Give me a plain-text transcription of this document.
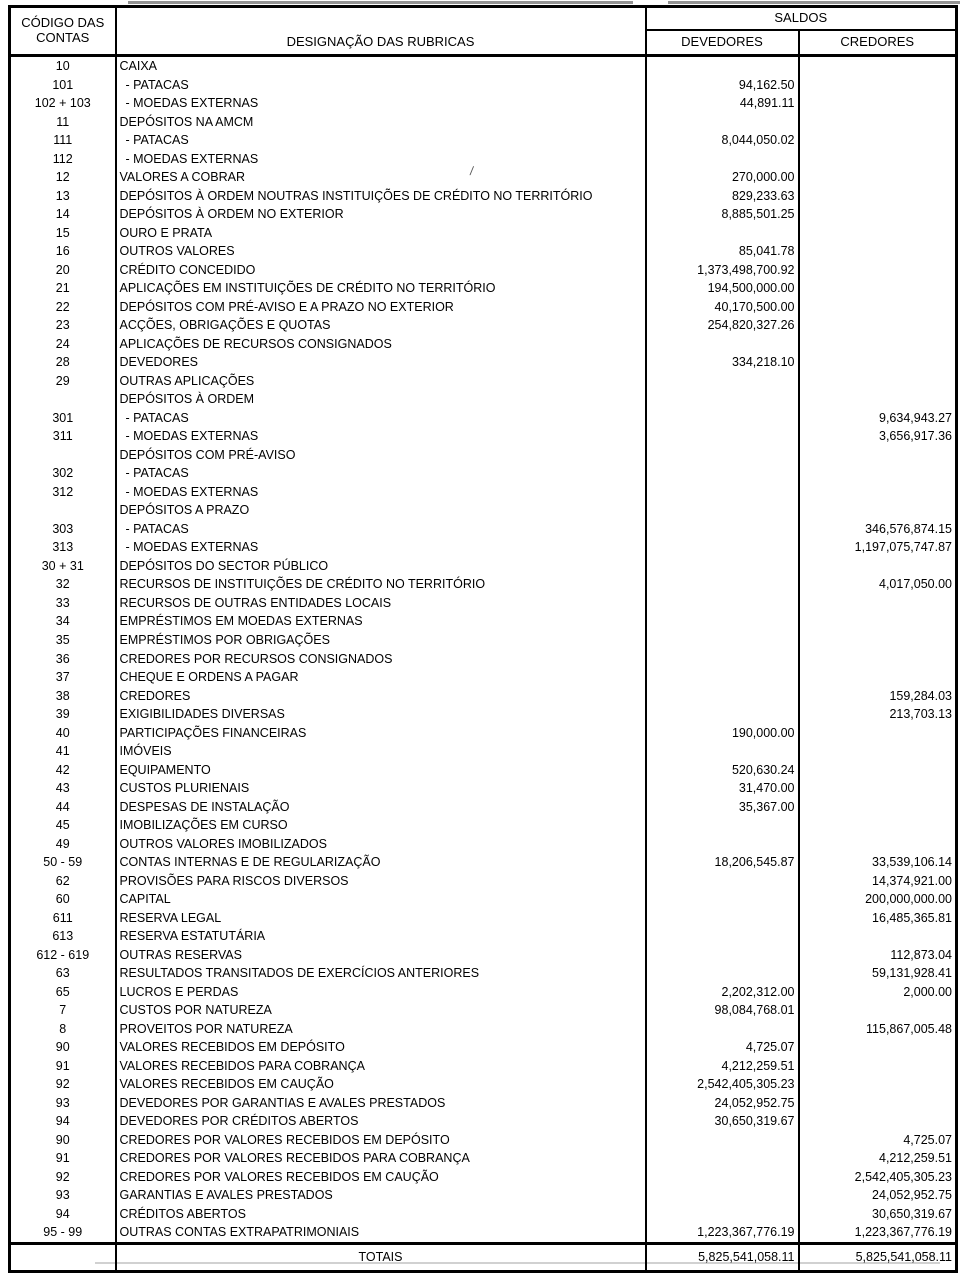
/
CÓDIGO DAS
CONTAS	DESIGNAÇÃO DAS RUBRICAS	SALDOS	
		DEVEDORES	CREDORES
10	CAIXA		
101	- PATACAS	94,162.50	
102 + 103	- MOEDAS EXTERNAS	44,891.11	
11	DEPÓSITOS NA AMCM		
111	- PATACAS	8,044,050.02	
112	- MOEDAS EXTERNAS		
12	VALORES A COBRAR	270,000.00	
13	DEPÓSITOS À ORDEM NOUTRAS INSTITUIÇÕES DE CRÉDITO NO TERRITÓRIO	829,233.63	
14	DEPÓSITOS À ORDEM NO EXTERIOR	8,885,501.25	
15	OURO E PRATA		
16	OUTROS VALORES	85,041.78	
20	CRÉDITO CONCEDIDO	1,373,498,700.92	
21	APLICAÇÕES EM INSTITUIÇÕES DE CRÉDITO NO TERRITÓRIO	194,500,000.00	
22	DEPÓSITOS COM PRÉ-AVISO E A PRAZO NO EXTERIOR	40,170,500.00	
23	ACÇÕES, OBRIGAÇÕES E QUOTAS	254,820,327.26	
24	APLICAÇÕES DE RECURSOS CONSIGNADOS		
28	DEVEDORES	334,218.10	
29	OUTRAS APLICAÇÕES		
	DEPÓSITOS À ORDEM		
301	- PATACAS		9,634,943.27
311	- MOEDAS EXTERNAS		3,656,917.36
	DEPÓSITOS COM PRÉ-AVISO		
302	- PATACAS		
312	- MOEDAS EXTERNAS		
	DEPÓSITOS A PRAZO		
303	- PATACAS		346,576,874.15
313	- MOEDAS EXTERNAS		1,197,075,747.87
30 + 31	DEPÓSITOS DO SECTOR PÚBLICO		
32	RECURSOS DE INSTITUIÇÕES DE CRÉDITO NO TERRITÓRIO		4,017,050.00
33	RECURSOS DE OUTRAS ENTIDADES LOCAIS		
34	EMPRÉSTIMOS EM MOEDAS EXTERNAS		
35	EMPRÉSTIMOS POR OBRIGAÇÕES		
36	CREDORES POR RECURSOS CONSIGNADOS		
37	CHEQUE E ORDENS A PAGAR		
38	CREDORES		159,284.03
39	EXIGIBILIDADES DIVERSAS		213,703.13
40	PARTICIPAÇÕES FINANCEIRAS	190,000.00	
41	IMÓVEIS		
42	EQUIPAMENTO	520,630.24	
43	CUSTOS PLURIENAIS	31,470.00	
44	DESPESAS DE INSTALAÇÃO	35,367.00	
45	IMOBILIZAÇÕES EM CURSO		
49	OUTROS VALORES IMOBILIZADOS		
50 - 59	CONTAS INTERNAS E DE REGULARIZAÇÃO	18,206,545.87	33,539,106.14
62	PROVISÕES PARA RISCOS DIVERSOS		14,374,921.00
60	CAPITAL		200,000,000.00
611	RESERVA LEGAL		16,485,365.81
613	RESERVA ESTATUTÁRIA		
612 - 619	OUTRAS RESERVAS		112,873.04
63	RESULTADOS TRANSITADOS DE EXERCÍCIOS ANTERIORES		59,131,928.41
65	LUCROS E PERDAS	2,202,312.00	2,000.00
7	CUSTOS POR NATUREZA	98,084,768.01	
8	PROVEITOS POR NATUREZA		115,867,005.48
90	VALORES RECEBIDOS EM DEPÓSITO	4,725.07	
91	VALORES RECEBIDOS PARA COBRANÇA	4,212,259.51	
92	VALORES RECEBIDOS EM CAUÇÃO	2,542,405,305.23	
93	DEVEDORES POR GARANTIAS E AVALES PRESTADOS	24,052,952.75	
94	DEVEDORES POR CRÉDITOS ABERTOS	30,650,319.67	
90	CREDORES POR VALORES RECEBIDOS EM DEPÓSITO		4,725.07
91	CREDORES POR VALORES RECEBIDOS PARA COBRANÇA		4,212,259.51
92	CREDORES POR VALORES RECEBIDOS EM CAUÇÃO		2,542,405,305.23
93	GARANTIAS E AVALES PRESTADOS		24,052,952.75
94	CRÉDITOS ABERTOS		30,650,319.67
95 - 99	OUTRAS CONTAS EXTRAPATRIMONIAIS	1,223,367,776.19	1,223,367,776.19
	TOTAIS	5,825,541,058.11	5,825,541,058.11
